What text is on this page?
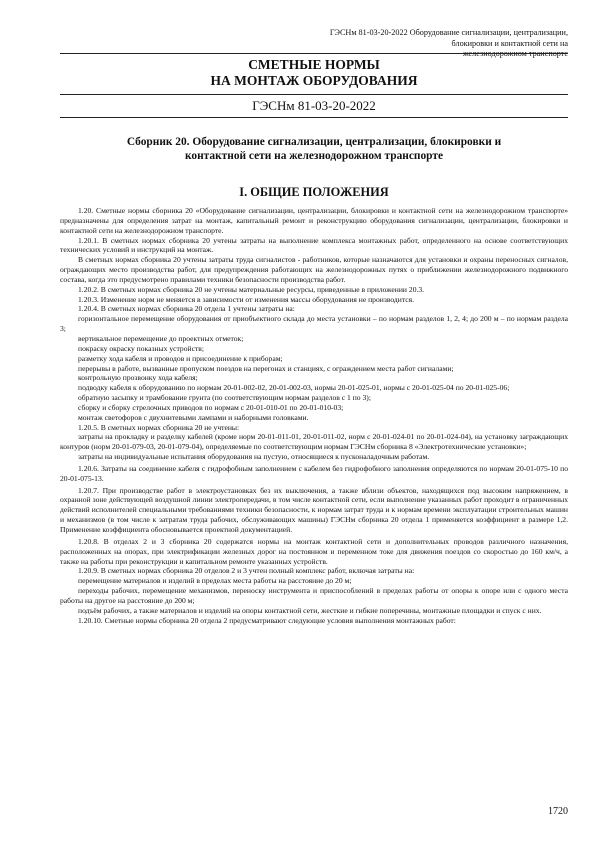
ГЭСНм 81-03-20-2022 Оборудование сигнализации, централизации, блокировки и контактной сети на
железнодорожном транспорте
СМЕТНЫЕ НОРМЫ
НА МОНТАЖ ОБОРУДОВАНИЯ
ГЭСНм 81-03-20-2022
Сборник 20. Оборудование сигнализации, централизации, блокировки и
контактной сети на железнодорожном транспорте
I. ОБЩИЕ ПОЛОЖЕНИЯ

1.20. Сметные нормы сборника 20 «Оборудование сигнализации, централизации, блокировки и контактной сети на железнодорожном транспорте» предназначены для определения затрат на монтаж, капитальный ремонт и реконструкцию оборудования сигнализации, централизации, блокировки и контактной сети на железнодорожном транспорте.

1.20.1. В сметных нормах сборника 20 учтены затраты на выполнение комплекса монтажных работ, определенного на основе соответствующих технических условий и инструкций на монтаж.

В сметных нормах сборника 20 учтены затраты труда сигналистов - работников, которые назначаются для установки и охраны переносных сигналов, ограждающих место производства работ, для предупреждения работающих на железнодорожных путях о приближении железнодорожного подвижного состава, когда это предусмотрено правилами техники безопасности производства работ.

1.20.2. В сметных нормах сборника 20 не учтены материальные ресурсы, приведенные в приложении 20.3.

1.20.3. Изменение норм не меняется в зависимости от изменения массы оборудования не производится.

1.20.4. В сметных нормах сборника 20 отдела 1 учтены затраты на:

горизонтальное перемещение оборудования от приобъектного склада до места установки – по нормам разделов 1, 2, 4; до 200 м – по нормам раздела 3;

вертикальное перемещение до проектных отметок;

покраску окраску показных устройств;

разметку хода кабеля и проводов и присоединение к приборам;

перерывы в работе, вызванные пропуском поездов на перегонах и станциях, с ограждением места работ сигналами;

контрольную прозвонку хода кабеля;

подводку кабеля к оборудованию по нормам 20-01-002-02, 20-01-002-03, нормы 20-01-025-01, нормы с 20-01-025-04 по 20-01-025-06;

обратную засыпку и трамбование грунта (по соответствующим нормам разделов с 1 по 3);

сборку и сборку стрелочных приводов по нормам с 20-01-010-01 по 20-01-010-03;

монтаж светофоров с двухнитевыми лампами и наборными головками.

1.20.5. В сметных нормах сборника 20 не учтены:

затраты на прокладку и разделку кабелей (кроме норм 20-01-011-01, 20-01-011-02, норм с 20-01-024-01 по 20-01-024-04), на установку заграждающих контуров (норм 20-01-079-03, 20-01-079-04), определяемые по соответствующим нормам ГЭСНм сборника 8 «Электротехнические установки»;

затраты на индивидуальные испытания оборудования на пустую, относящиеся к пусконаладочным работам.

1.20.6. Затраты на соединение кабеля с гидрофобным заполнением с кабелем без гидрофобного заполнения определяются по нормам 20-01-075-10 по 20-01-075-13.

1.20.7. При производстве работ в электроустановках без их выключения, а также вблизи объектов, находящихся под высоким напряжением, в охранной зоне действующей воздушной линии электропередачи, в том числе контактной сети, если выполнение указанных работ проходит в ограниченных действий исполнителей специальными требованиями техники безопасности, к нормам затрат труда и к нормам времени эксплуатации строительных машин и механизмов (в том числе к затратам труда рабочих, обслуживающих машины) ГЭСНм сборника 20 отдела 1 применяется коэффициент в размере 1,2. Применение коэффициента обосновывается проектной документацией.

1.20.8. В отделах 2 и 3 сборника 20 содержатся нормы на монтаж контактной сети и дополнительных проводов различного назначения, расположенных на опорах, при электрификации железных дорог на постоянном и переменном токе для движения поездов со скоростью до 160 км/ч, а также на работы при реконструкции и капитальном ремонте указанных устройств.

1.20.9. В сметных нормах сборника 20 отделов 2 и 3 учтен полный комплекс работ, включая затраты на:

перемещение материалов и изделий в пределах места работы на расстояние до 20 м;

переходы рабочих, перемещение механизмов, переноску инструмента и приспособлений в пределах работы от опоры к опоре или с одного места работы на другое на расстояние до 200 м;

подъём рабочих, а также материалов и изделий на опоры контактной сети, жесткие и гибкие поперечины, монтажные площадки и спуск с них.

1.20.10. Сметные нормы сборника 20 отдела 2 предусматривают следующие условия выполнения монтажных работ:

1720
